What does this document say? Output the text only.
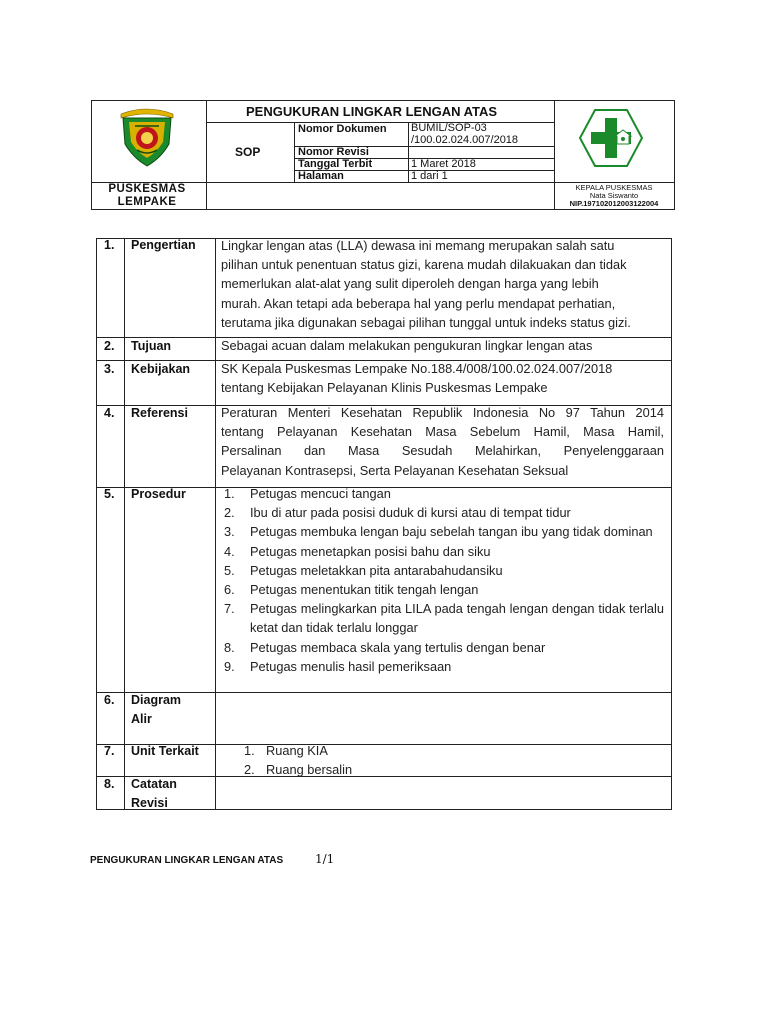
PENGUKURAN LINGKAR LENGAN ATAS
SOP
Nomor Dokumen BUMIL/SOP-03
/100.02.024.007/2018
Nomor Revisi
Tanggal Terbit	1 Maret 2018
Halaman	1 dari 1
PUSKESMAS
LEMPAKE
KEPALA PUSKESMAS
Nata Siswanto
NIP.197102012003122004
1. Pengertian Lingkar lengan atas (LLA) dewasa ini memang merupakan salah satu
pilihan untuk penentuan status gizi, karena mudah dilakuakan dan tidak
memerlukan alat-alat yang sulit diperoleh dengan harga yang lebih
murah. Akan tetapi ada beberapa hal yang perlu mendapat perhatian,
terutama jika digunakan sebagai pilihan tunggal untuk indeks status gizi.
2. Tujuan	Sebagai acuan dalam melakukan pengukuran lingkar lengan atas
3. Kebijakan SK Kepala Puskesmas Lempake No.188.4/008/100.02.024.007/2018
tentang Kebijakan Pelayanan Klinis Puskesmas Lempake
4. Referensi	Peraturan Menteri Kesehatan Republik Indonesia No 97 Tahun 2014
tentang Pelayanan Kesehatan Masa Sebelum Hamil, Masa Hamil,
Persalinan dan Masa Sesudah Melahirkan, Penyelenggaraan
Pelayanan Kontrasepsi, Serta Pelayanan Kesehatan Seksual
5. Prosedur	1. Petugas mencuci tangan
2. Ibu di atur pada posisi duduk di kursi atau di tempat tidur
3. Petugas membuka lengan baju sebelah tangan ibu yang tidak dominan
4. Petugas menetapkan posisi bahu dan siku
5. Petugas meletakkan pita antarabahudansiku
6. Petugas menentukan titik tengah lengan
7. Petugas melingkarkan pita LILA pada tengah lengan dengan tidak terlalu ketat dan tidak terlalu longgar
8. Petugas membaca skala yang tertulis dengan benar
9. Petugas menulis hasil pemeriksaan
6. Diagram
Alir
7. Unit Terkait	1. Ruang KIA
2. Ruang bersalin
8. Catatan
Revisi
PENGUKURAN LINGKAR LENGAN ATAS	1/1
